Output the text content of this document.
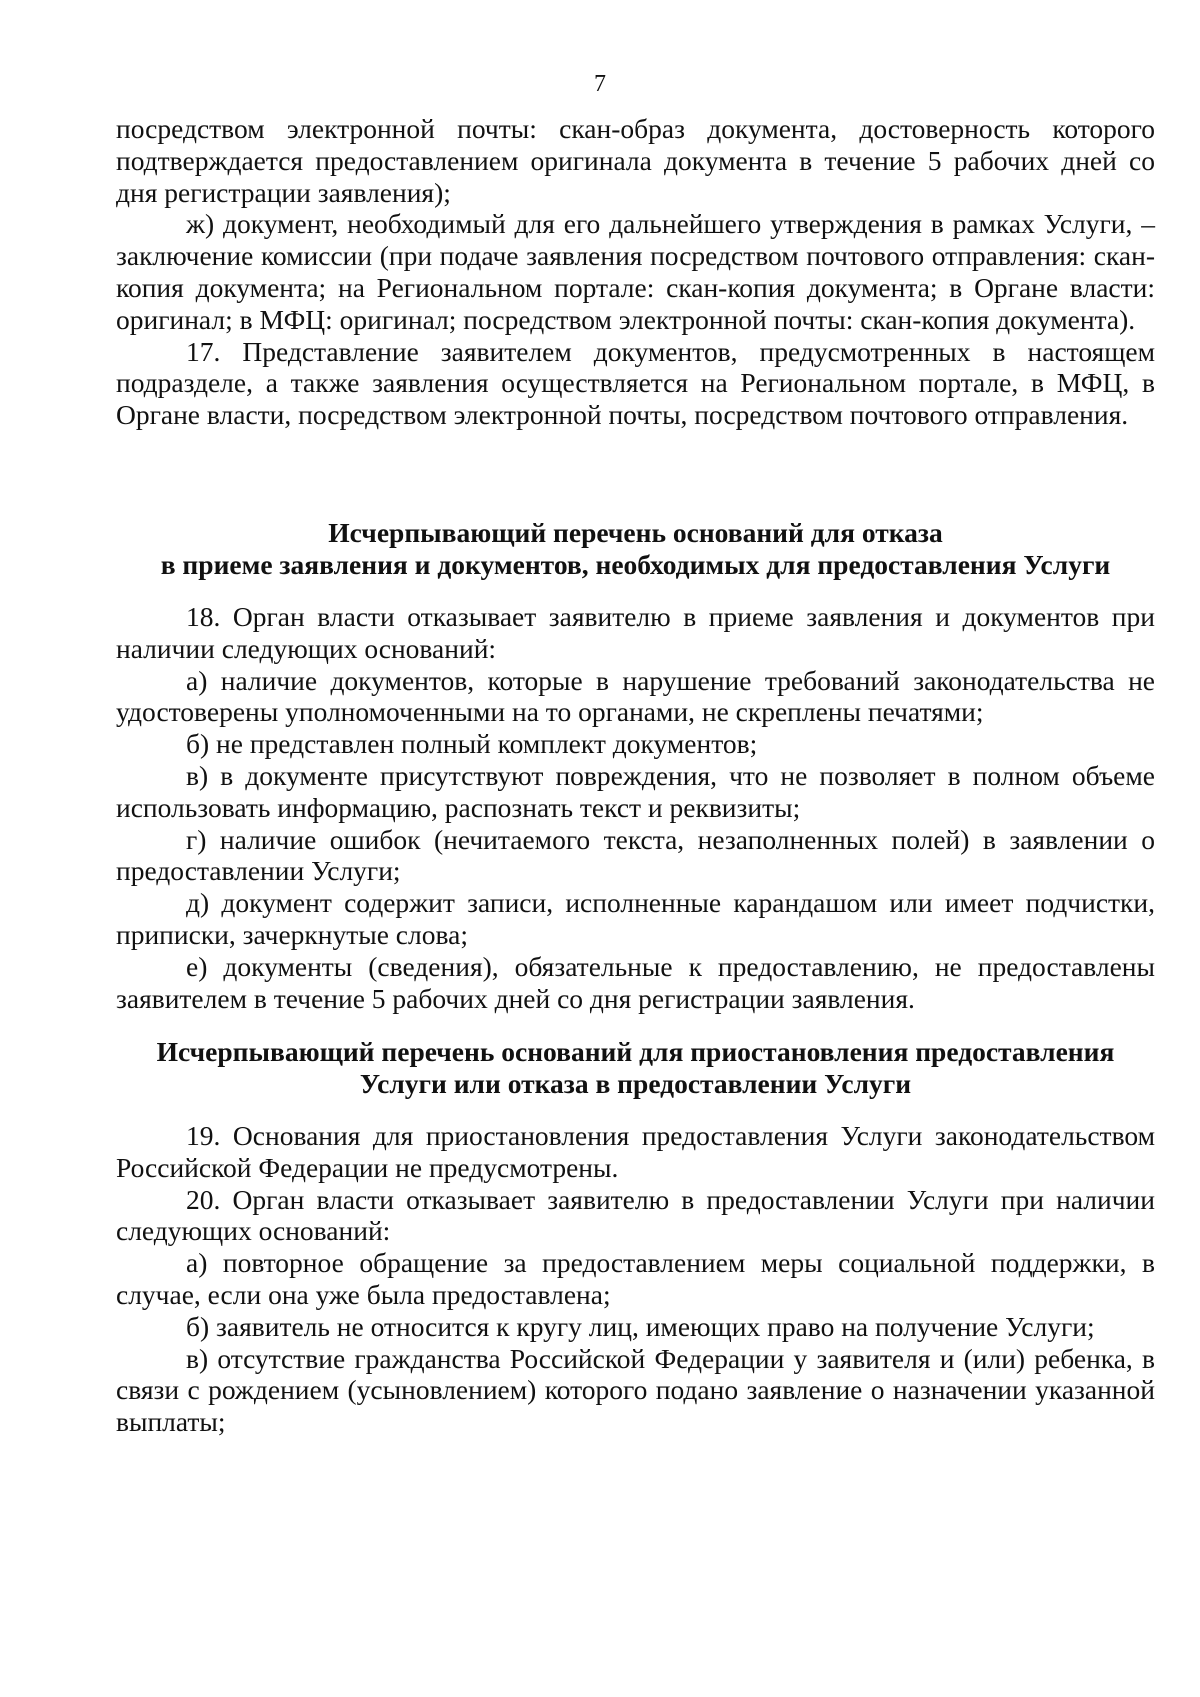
7

посредством электронной почты: скан-образ документа, достоверность которого подтверждается предоставлением оригинала документа в течение 5 рабочих дней со дня регистрации заявления);

ж) документ, необходимый для его дальнейшего утверждения в рамках Услуги, – заключение комиссии (при подаче заявления посредством почтового отправления: скан-копия документа; на Региональном портале: скан-копия документа; в Органе власти: оригинал; в МФЦ: оригинал; посредством электронной почты: скан-копия документа).

17. Представление заявителем документов, предусмотренных в настоящем подразделе, а также заявления осуществляется на Региональном портале, в МФЦ, в Органе власти, посредством электронной почты, посредством почтового отправления.

Исчерпывающий перечень оснований для отказа
в приеме заявления и документов, необходимых для предоставления Услуги

18. Орган власти отказывает заявителю в приеме заявления и документов при наличии следующих оснований:

а) наличие документов, которые в нарушение требований законодательства не удостоверены уполномоченными на то органами, не скреплены печатями;

б) не представлен полный комплект документов;

в) в документе присутствуют повреждения, что не позволяет в полном объеме использовать информацию, распознать текст и реквизиты;

г) наличие ошибок (нечитаемого текста, незаполненных полей) в заявлении о предоставлении Услуги;

д) документ содержит записи, исполненные карандашом или имеет подчистки, приписки, зачеркнутые слова;

е) документы (сведения), обязательные к предоставлению, не предоставлены заявителем в течение 5 рабочих дней со дня регистрации заявления.

Исчерпывающий перечень оснований для приостановления предоставления
Услуги или отказа в предоставлении Услуги

19. Основания для приостановления предоставления Услуги законодательством Российской Федерации не предусмотрены.

20. Орган власти отказывает заявителю в предоставлении Услуги при наличии следующих оснований:

а) повторное обращение за предоставлением меры социальной поддержки, в случае, если она уже была предоставлена;

б) заявитель не относится к кругу лиц, имеющих право на получение Услуги;

в) отсутствие гражданства Российской Федерации у заявителя и (или) ребенка, в связи с рождением (усыновлением) которого подано заявление о назначении указанной выплаты;
